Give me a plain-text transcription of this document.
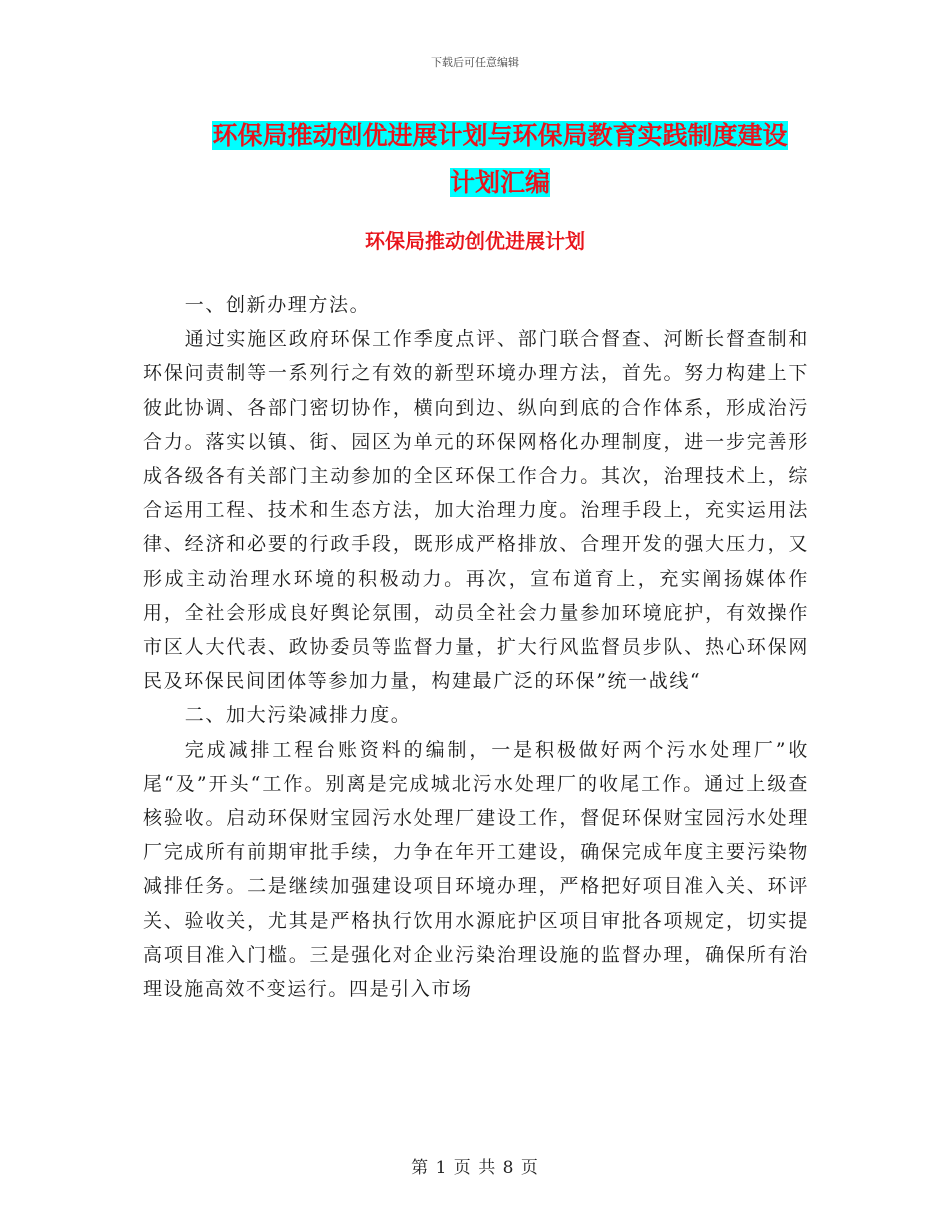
下载后可任意编辑
环保局推动创优进展计划与环保局教育实践制度建设
计划汇编
环保局推动创优进展计划

一、创新办理方法。

通过实施区政府环保工作季度点评、部门联合督查、河断长督查制和环保问责制等一系列行之有效的新型环境办理方法，首先。努力构建上下彼此协调、各部门密切协作，横向到边、纵向到底的合作体系，形成治污合力。落实以镇、街、园区为单元的环保网格化办理制度，进一步完善形成各级各有关部门主动参加的全区环保工作合力。其次，治理技术上，综合运用工程、技术和生态方法，加大治理力度。治理手段上，充实运用法律、经济和必要的行政手段，既形成严格排放、合理开发的强大压力，又形成主动治理水环境的积极动力。再次，宣布道育上，充实阐扬媒体作用，全社会形成良好舆论氛围，动员全社会力量参加环境庇护，有效操作市区人大代表、政协委员等监督力量，扩大行风监督员步队、热心环保网民及环保民间团体等参加力量，构建最广泛的环保”统一战线“

二、加大污染减排力度。

完成减排工程台账资料的编制，一是积极做好两个污水处理厂”收尾“及”开头“工作。别离是完成城北污水处理厂的收尾工作。通过上级查核验收。启动环保财宝园污水处理厂建设工作，督促环保财宝园污水处理厂完成所有前期审批手续，力争在年开工建设，确保完成年度主要污染物减排任务。二是继续加强建设项目环境办理，严格把好项目准入关、环评关、验收关，尤其是严格执行饮用水源庇护区项目审批各项规定，切实提高项目准入门槛。三是强化对企业污染治理设施的监督办理，确保所有治理设施高效不变运行。四是引入市场

第 1 页 共 8 页
